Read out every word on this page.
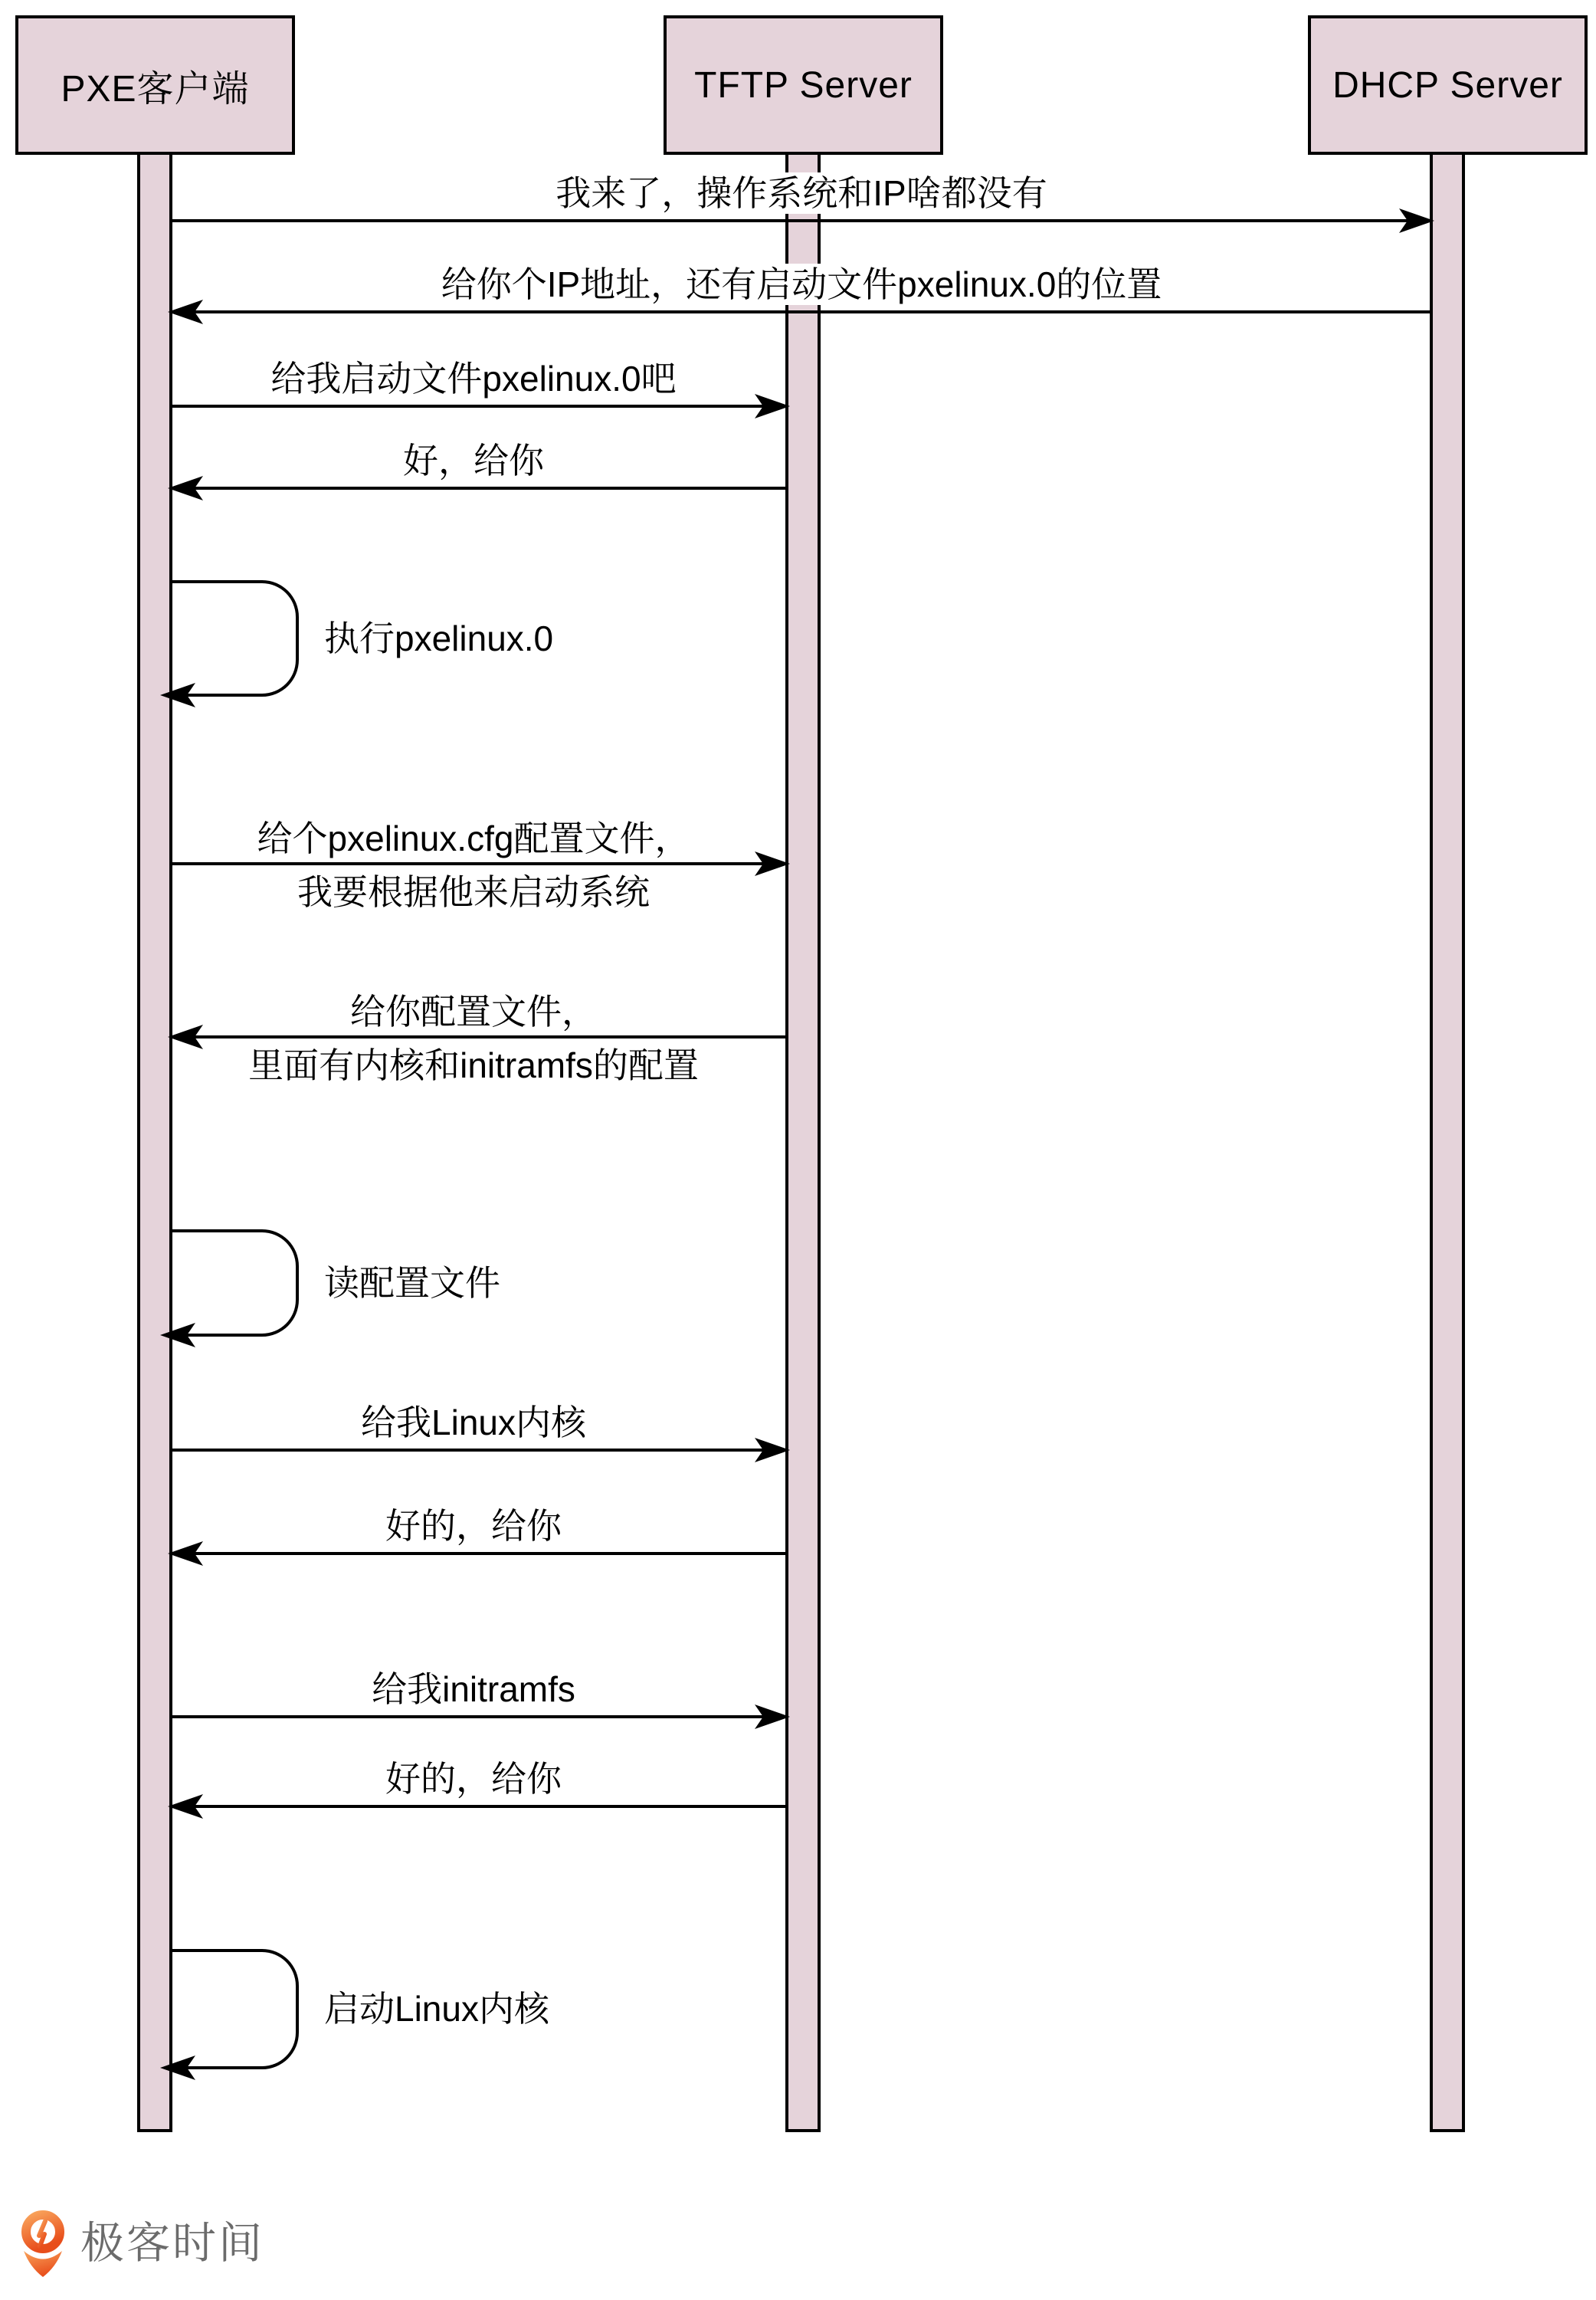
PXE客户端	TFTP Server	DHCP Server
我来了，操作系统和IP啥都没有
给你个IP地址，还有启动文件pxelinux.0的位置
给我启动文件pxelinux.0吧
好，给你
执行pxelinux.0
给个pxelinux.cfg配置文件，
我要根据他来启动系统
给你配置文件，
里面有内核和initramfs的配置
读配置文件
给我Linux内核
好的，给你
给我initramfs
好的，给你
启动Linux内核
极客时间
